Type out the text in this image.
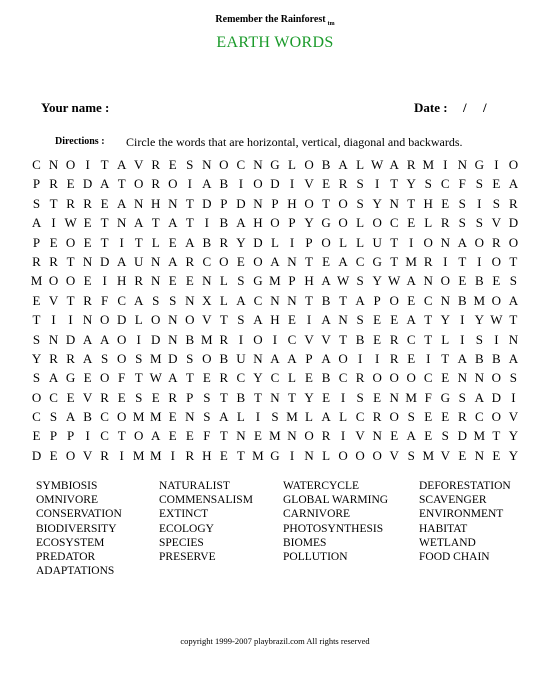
Remember the Rainforest $_{tm}$
EARTH WORDS
Your name :	Date : / /
Directions : Circle the words that are horizontal, vertical, diagonal and backwards.
C N O I T A V R E S N O C N G L O B A L W A R M I N G I O
P R E D A T O R O I A B I O D I V E R S I T Y S C F S E A
S T R R E A N H N T D P D N P H O T O S Y N T H E S I S R
A I W E T N A T A T I B A H O P Y G O L O C E L R S S V D
P E O E T I T L E A B R Y D L I P O L L U T I O N A O R O
R R T N D A U N A R C O E O A N T E A C G T M R I T I O T
M O O E I H R N E E N L S G M P H A W S Y W A N O E B E S
E V T R F C A S S N X L A C N N T B T A P O E C N B M O A
T I I N O D L O N O V T S A H E I A N S E E A T Y I Y W T
S N D A A O I D N B M R I O I C V V T B E R C T L I S I N
Y R R A S O S M D S O B U N A A P A O I I R E I T A B B A
S A G E O F T W A T E R C Y C L E B C R O O O C E N N O S
O C E V R E S E R P S T B T N T Y E I S E N M F G S A D I
C S A B C O M M E N S A L I S M L A L C R O S E E R C O V
E P P I C T O A E E F T N E M N O R I V N E A E S D M T Y
D E O V R I M M I R H E T M G I N L O O O V S M V E N E Y
SYMBIOSIS
OMNIVORE
CONSERVATION
BIODIVERSITY
ECOSYSTEM
PREDATOR
ADAPTATIONS
NATURALIST
COMMENSALISM
EXTINCT
ECOLOGY
SPECIES
PRESERVE
WATERCYCLE
GLOBAL WARMING
CARNIVORE
PHOTOSYNTHESIS
BIOMES
POLLUTION
DEFORESTATION
SCAVENGER
ENVIRONMENT
HABITAT
WETLAND
FOOD CHAIN
copyright 1999-2007 playbrazil.com All rights reserved
